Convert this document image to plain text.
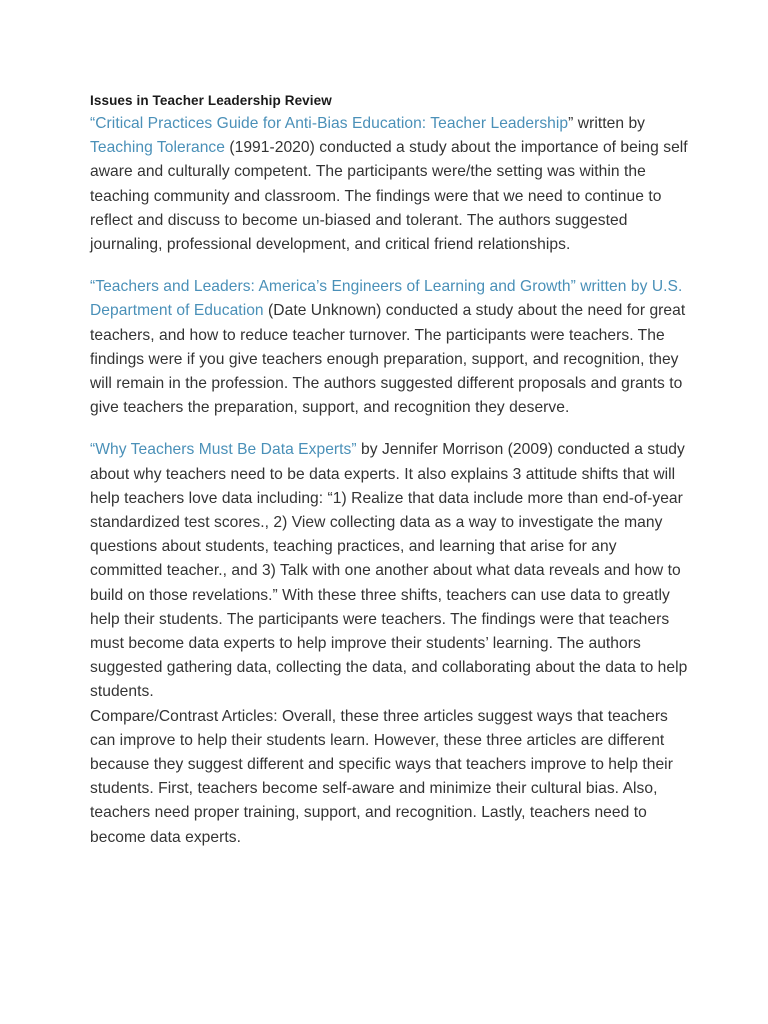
Issues in Teacher Leadership Review

“Critical Practices Guide for Anti-Bias Education: Teacher Leadership” written by Teaching Tolerance (1991-2020) conducted a study about the importance of being self aware and culturally competent. The participants were/the setting was within the teaching community and classroom. The findings were that we need to continue to reflect and discuss to become un-biased and tolerant. The authors suggested journaling, professional development, and critical friend relationships.

“Teachers and Leaders: America’s Engineers of Learning and Growth” written by U.S. Department of Education (Date Unknown) conducted a study about the need for great teachers, and how to reduce teacher turnover. The participants were teachers. The findings were if you give teachers enough preparation, support, and recognition, they will remain in the profession. The authors suggested different proposals and grants to give teachers the preparation, support, and recognition they deserve.

“Why Teachers Must Be Data Experts” by Jennifer Morrison (2009) conducted a study about why teachers need to be data experts. It also explains 3 attitude shifts that will help teachers love data including: “1) Realize that data include more than end-of-year standardized test scores., 2) View collecting data as a way to investigate the many questions about students, teaching practices, and learning that arise for any committed teacher., and 3) Talk with one another about what data reveals and how to build on those revelations.” With these three shifts, teachers can use data to greatly help their students. The participants were teachers. The findings were that teachers must become data experts to help improve their students’ learning. The authors suggested gathering data, collecting the data, and collaborating about the data to help students.

Compare/Contrast Articles: Overall, these three articles suggest ways that teachers can improve to help their students learn. However, these three articles are different because they suggest different and specific ways that teachers improve to help their students. First, teachers become self-aware and minimize their cultural bias. Also, teachers need proper training, support, and recognition. Lastly, teachers need to become data experts.
